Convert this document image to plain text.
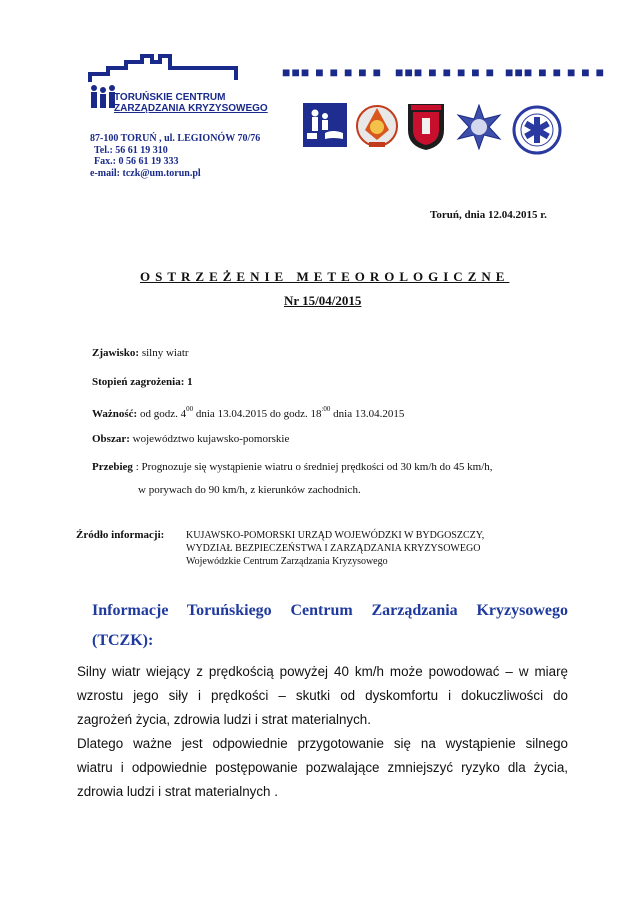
TORUŃSKIE CENTRUM
ZARZĄDZANIA KRYZYSOWEGO
87-100 TORUŃ , ul. LEGIONÓW 70/76
Tel.: 56 61 19 310
Fax.: 0 56 61 19 333
e-mail: tczk@um.torun.pl
■■■ ■ ■ ■ ■ ■ ■■■ ■ ■ ■ ■ ■ ■■■ ■ ■ ■ ■ ■
Toruń, dnia 12.04.2015 r.
OSTRZEŻENIE METEOROLOGICZNE
Nr 15/04/2015
Zjawisko: silny wiatr
Stopień zagrożenia: 1
Ważność: od godz. $4^{00}$ dnia 13.04.2015 do godz. $18^{:00}$ dnia 13.04.2015
Obszar: województwo kujawsko-pomorskie
Przebieg : Prognozuje się wystąpienie wiatru o średniej prędkości od 30 km/h do 45 km/h,
w porywach do 90 km/h, z kierunków zachodnich.
Źródło informacji: KUJAWSKO-POMORSKI URZĄD WOJEWÓDZKI W BYDGOSZCZY,
WYDZIAŁ BEZPIECZEŃSTWA I ZARZĄDZANIA KRYZYSOWEGO
Wojewódzkie Centrum Zarządzania Kryzysowego
Informacje Toruńskiego Centrum Zarządzania Kryzysowego
(TCZK):
Silny wiatr wiejący z prędkością powyżej 40 km/h może powodować – w miarę
wzrostu jego siły i prędkości – skutki od dyskomfortu i dokuczliwości do
zagrożeń życia, zdrowia ludzi i strat materialnych.
Dlatego ważne jest odpowiednie przygotowanie się na wystąpienie silnego
wiatru i odpowiednie postępowanie pozwalające zmniejszyć ryzyko dla życia,
zdrowia ludzi i strat materialnych .
